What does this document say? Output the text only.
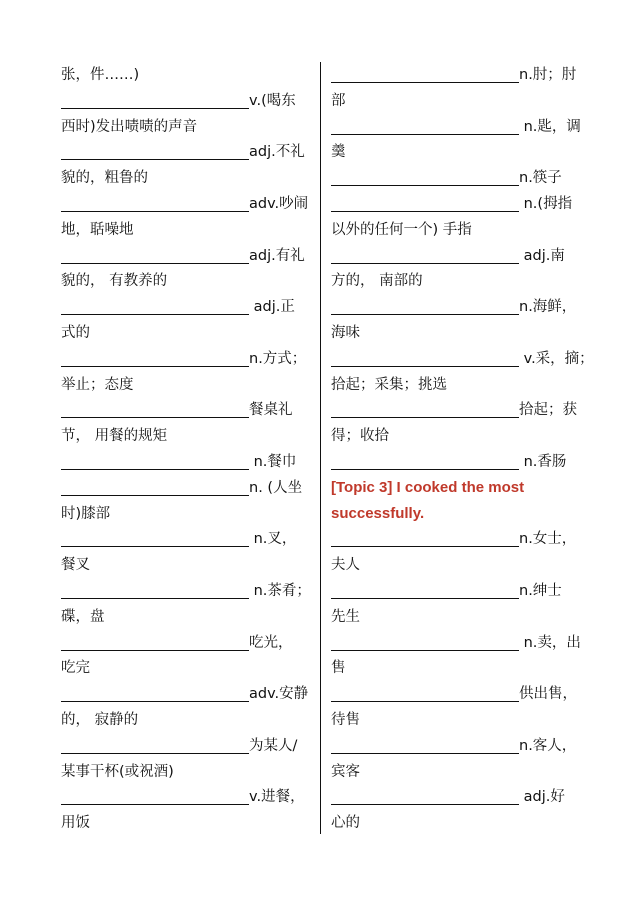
张，件……)
v.(喝东
西时)发出啧啧的声音
adj.不礼
貌的，粗鲁的
adv.吵闹
地，聒噪地
adj.有礼
貌的， 有教养的
adj.正
式的
n.方式；
举止；态度
餐桌礼
节， 用餐的规矩
n.餐巾
n. (人坐
时)膝部
n.叉，
餐叉
n.茶肴；
碟，盘
吃光，
吃完
adv.安静
的， 寂静的
为某人/
某事干杯(或祝酒)
v.进餐，
用饭
n.肘；肘
部
n.匙，调
羹
n.筷子
n.(拇指
以外的任何一个) 手指
adj.南
方的， 南部的
n.海鲜，
海味
v.采，摘；
拾起；采集；挑选
拾起；获
得；收拾
n.香肠
[Topic 3] I cooked the most
successfully.
n.女士，
夫人
n.绅士
先生
n.卖，出
售
供出售，
待售
n.客人，
宾客
adj.好
心的
